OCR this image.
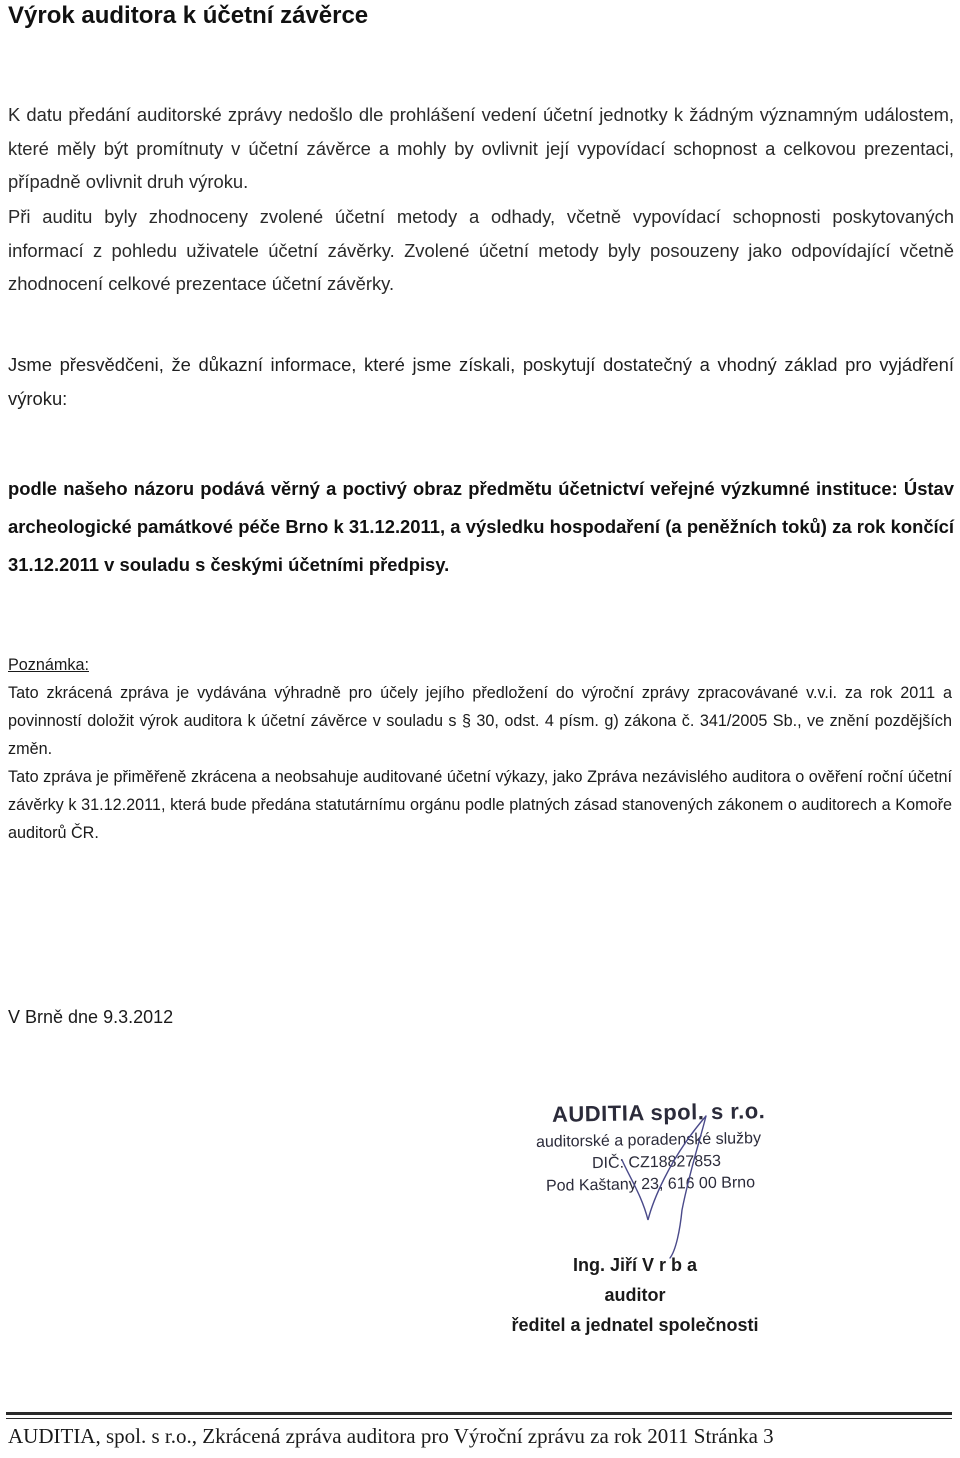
Výrok auditora k účetní závěrce

K datu předání auditorské zprávy nedošlo dle prohlášení vedení účetní jednotky k žádným významným událostem, které měly být promítnuty v účetní závěrce a mohly by ovlivnit její vypovídací schopnost a celkovou prezentaci, případně ovlivnit druh výroku.

Při auditu byly zhodnoceny zvolené účetní metody a odhady, včetně vypovídací schopnosti poskytovaných informací z pohledu uživatele účetní závěrky. Zvolené účetní metody byly posouzeny jako odpovídající včetně zhodnocení celkové prezentace účetní závěrky.

Jsme přesvědčeni, že důkazní informace, které jsme získali, poskytují dostatečný a vhodný základ pro vyjádření výroku:

podle našeho názoru podává věrný a poctivý obraz předmětu účetnictví veřejné výzkumné instituce: Ústav archeologické památkové péče Brno k 31.12.2011, a výsledku hospodaření (a peněžních toků) za rok končící 31.12.2011 v souladu s českými účetními předpisy.

Poznámka:

Tato zkrácená zpráva je vydávána výhradně pro účely jejího předložení do výroční zprávy zpracovávané v.v.i. za rok 2011 a povinností doložit výrok auditora k účetní závěrce v souladu s § 30, odst. 4 písm. g) zákona č. 341/2005 Sb., ve znění pozdějších změn.

Tato zpráva je přiměřeně zkrácena a neobsahuje auditované účetní výkazy, jako Zpráva nezávislého auditora o ověření roční účetní závěrky k 31.12.2011, která bude předána statutárnímu orgánu podle platných zásad stanovených zákonem o auditorech a Komoře auditorů ČR.

V Brně dne 9.3.2012

AUDITIA spol. s r.o.

auditorské a poradenské služby

DIČ: CZ18827853

Pod Kaštany 23, 616 00 Brno

Ing. Jiří V r b a

auditor

ředitel a jednatel společnosti

AUDITIA, spol. s r.o., Zkrácená zpráva auditora pro Výroční zprávu za rok 2011 Stránka 3
